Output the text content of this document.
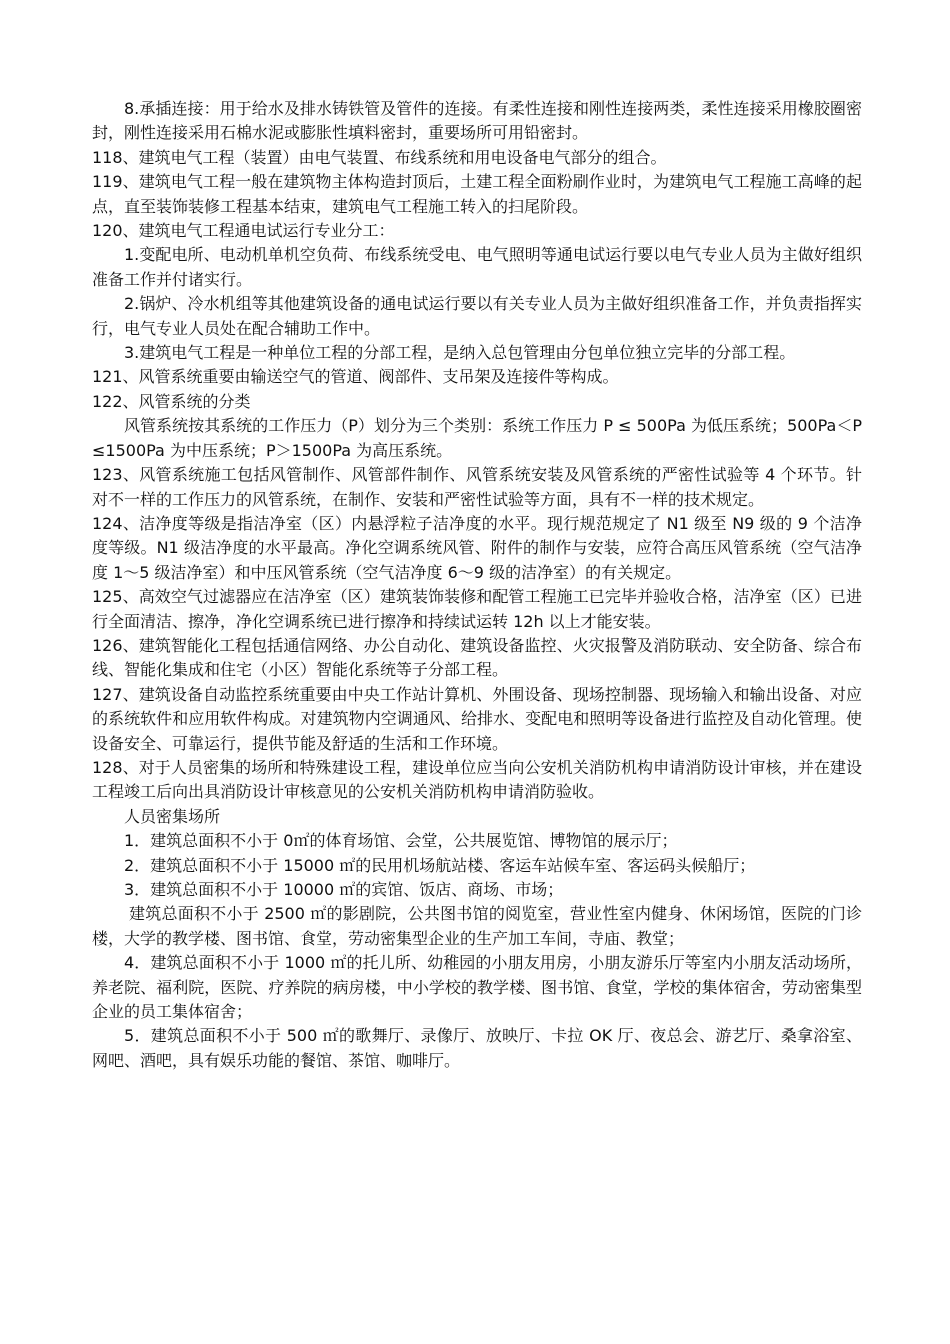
8.承插连接：用于给水及排水铸铁管及管件的连接。有柔性连接和刚性连接两类，柔性连接采用橡胶圈密封，刚性连接采用石棉水泥或膨胀性填料密封，重要场所可用铅密封。

118、建筑电气工程（装置）由电气装置、布线系统和用电设备电气部分的组合。

119、建筑电气工程一般在建筑物主体构造封顶后，土建工程全面粉刷作业时，为建筑电气工程施工高峰的起点，直至装饰装修工程基本结束，建筑电气工程施工转入的扫尾阶段。

120、建筑电气工程通电试运行专业分工：

1.变配电所、电动机单机空负荷、布线系统受电、电气照明等通电试运行要以电气专业人员为主做好组织准备工作并付诸实行。

2.锅炉、冷水机组等其他建筑设备的通电试运行要以有关专业人员为主做好组织准备工作，并负责指挥实行，电气专业人员处在配合辅助工作中。

3.建筑电气工程是一种单位工程的分部工程，是纳入总包管理由分包单位独立完毕的分部工程。

121、风管系统重要由输送空气的管道、阀部件、支吊架及连接件等构成。

122、风管系统的分类

风管系统按其系统的工作压力（P）划分为三个类别：系统工作压力 P ≤ 500Pa 为低压系统；500Pa＜P≤1500Pa 为中压系统；P＞1500Pa 为高压系统。

123、风管系统施工包括风管制作、风管部件制作、风管系统安装及风管系统的严密性试验等 4 个环节。针对不一样的工作压力的风管系统，在制作、安装和严密性试验等方面，具有不一样的技术规定。

124、洁净度等级是指洁净室（区）内悬浮粒子洁净度的水平。现行规范规定了 N1 级至 N9 级的 9 个洁净度等级。N1 级洁净度的水平最高。净化空调系统风管、附件的制作与安装，应符合高压风管系统（空气洁净度 1～5 级洁净室）和中压风管系统（空气洁净度 6～9 级的洁净室）的有关规定。

125、高效空气过滤器应在洁净室（区）建筑装饰装修和配管工程施工已完毕并验收合格，洁净室（区）已进行全面清洁、擦净，净化空调系统已进行擦净和持续试运转 12h 以上才能安装。

126、建筑智能化工程包括通信网络、办公自动化、建筑设备监控、火灾报警及消防联动、安全防备、综合布线、智能化集成和住宅（小区）智能化系统等子分部工程。

127、建筑设备自动监控系统重要由中央工作站计算机、外围设备、现场控制器、现场输入和输出设备、对应的系统软件和应用软件构成。对建筑物内空调通风、给排水、变配电和照明等设备进行监控及自动化管理。使设备安全、可靠运行，提供节能及舒适的生活和工作环境。

128、对于人员密集的场所和特殊建设工程，建设单位应当向公安机关消防机构申请消防设计审核，并在建设工程竣工后向出具消防设计审核意见的公安机关消防机构申请消防验收。

人员密集场所

1．建筑总面积不小于 0㎡的体育场馆、会堂，公共展览馆、博物馆的展示厅；

2．建筑总面积不小于 15000 ㎡的民用机场航站楼、客运车站候车室、客运码头候船厅；

3．建筑总面积不小于 10000 ㎡的宾馆、饭店、商场、市场；

建筑总面积不小于 2500 ㎡的影剧院，公共图书馆的阅览室，营业性室内健身、休闲场馆，医院的门诊楼，大学的教学楼、图书馆、食堂，劳动密集型企业的生产加工车间，寺庙、教堂；

4．建筑总面积不小于 1000 ㎡的托儿所、幼稚园的小朋友用房，小朋友游乐厅等室内小朋友活动场所，养老院、福利院，医院、疗养院的病房楼，中小学校的教学楼、图书馆、食堂，学校的集体宿舍，劳动密集型企业的员工集体宿舍；

5．建筑总面积不小于 500 ㎡的歌舞厅、录像厅、放映厅、卡拉 OK 厅、夜总会、游艺厅、桑拿浴室、网吧、酒吧，具有娱乐功能的餐馆、茶馆、咖啡厅。
